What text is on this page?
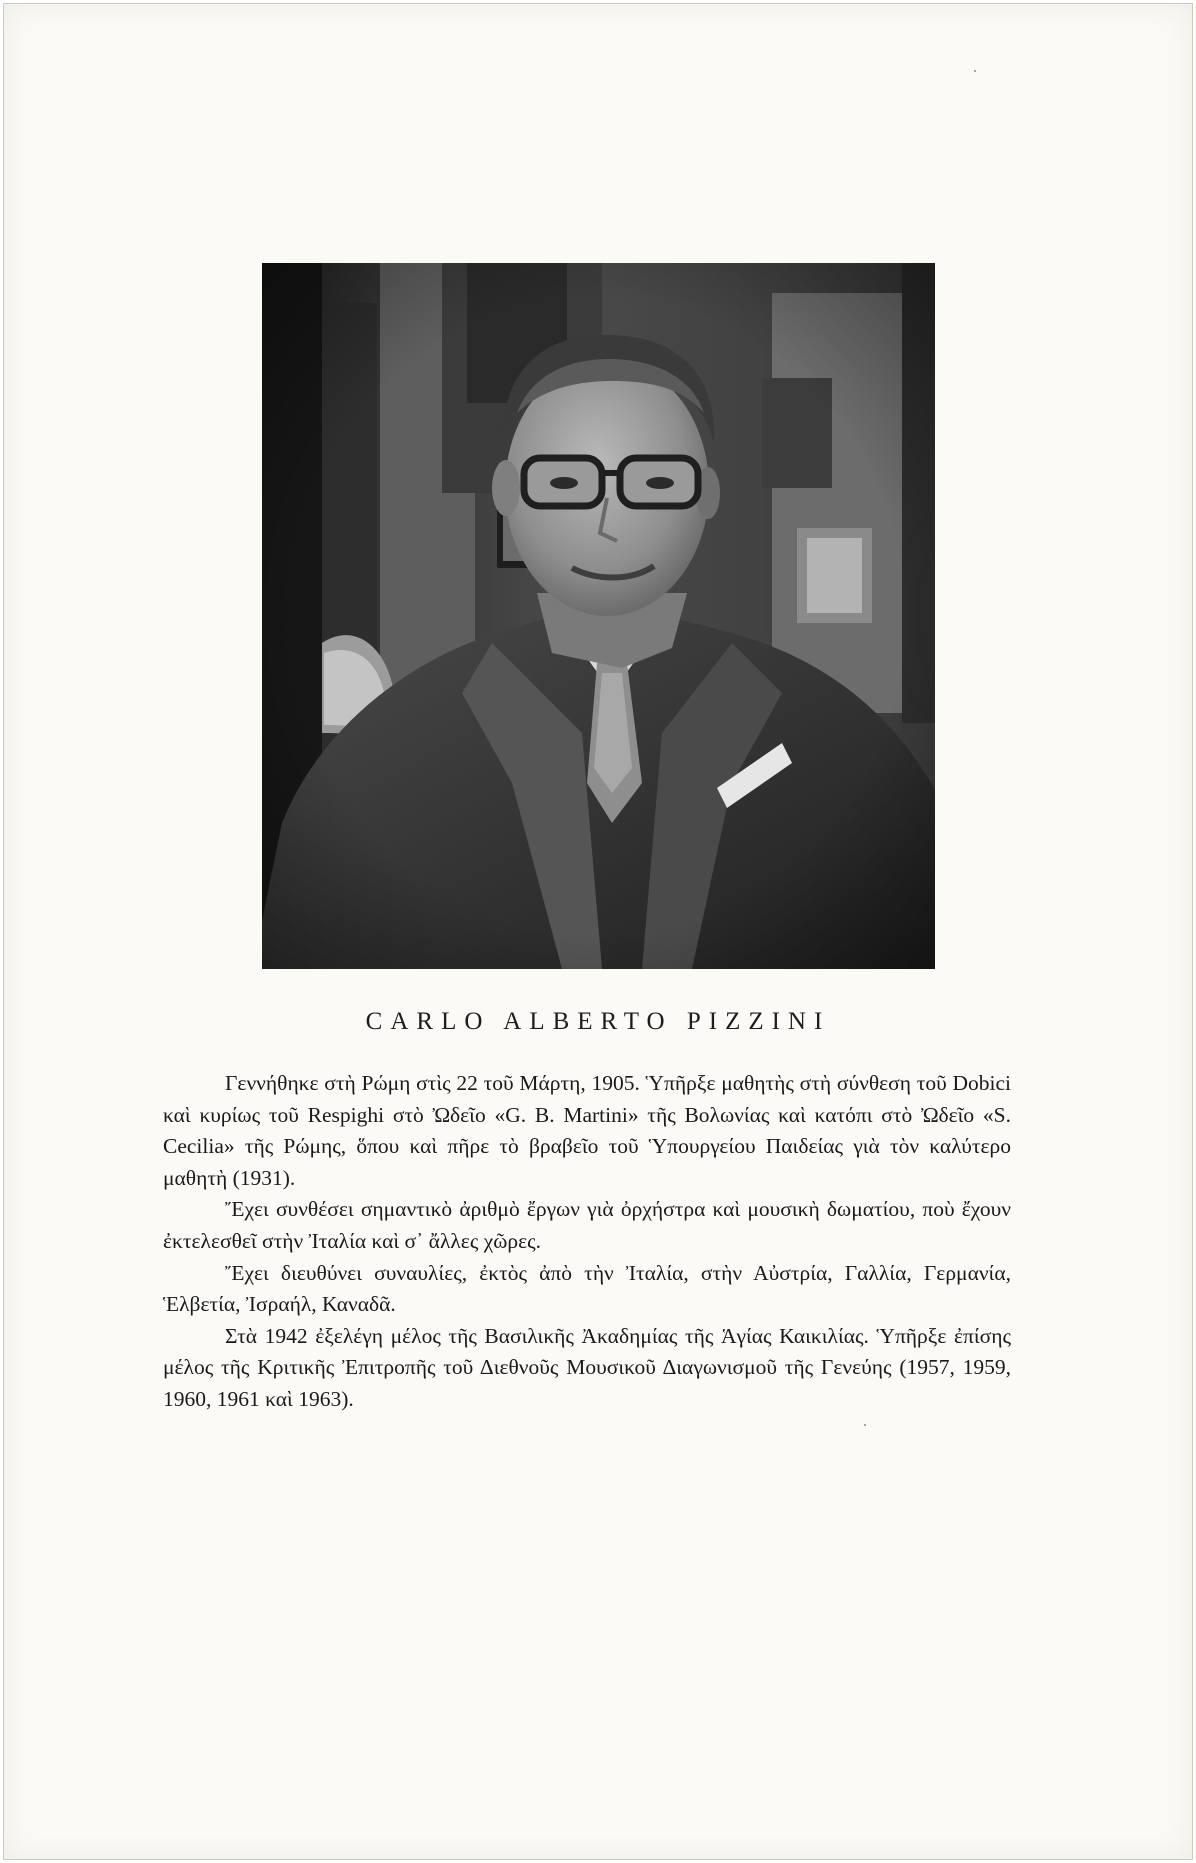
CARLO ALBERTO PIZZINI

Γεννήθηκε στὴ Ρώμη στὶς 22 τοῦ Μάρτη, 1905. Ὑπῆρξε μαθητὴς στὴ σύνθεση τοῦ Dobici καὶ κυρίως τοῦ Respighi στὸ Ὠδεῖο «G. B. Martini» τῆς Βολωνίας καὶ κατόπι στὸ Ὠδεῖο «S. Cecilia» τῆς Ρώμης, ὅπου καὶ πῆρε τὸ βραβεῖο τοῦ Ὑπουργείου Παιδείας γιὰ τὸν καλύτερο μαθητὴ (1931).

Ἔχει συνθέσει σημαντικὸ ἀριθμὸ ἔργων γιὰ ὀρχήστρα καὶ μουσικὴ δωματίου, ποὺ ἔχουν ἐκτελεσθεῖ στὴν Ἰταλία καὶ σ᾽ ἄλλες χῶρες.

Ἔχει διευθύνει συναυλίες, ἐκτὸς ἀπὸ τὴν Ἰταλία, στὴν Αὐστρία, Γαλλία, Γερμανία, Ἑλβετία, Ἰσραήλ, Καναδᾶ.

Στὰ 1942 ἐξελέγη μέλος τῆς Βασιλικῆς Ἀκαδημίας τῆς Ἁγίας Καικιλίας. Ὑπῆρξε ἐπίσης μέλος τῆς Κριτικῆς Ἐπιτροπῆς τοῦ Διεθνοῦς Μουσικοῦ Διαγωνισμοῦ τῆς Γενεύης (1957, 1959, 1960, 1961 καὶ 1963).
